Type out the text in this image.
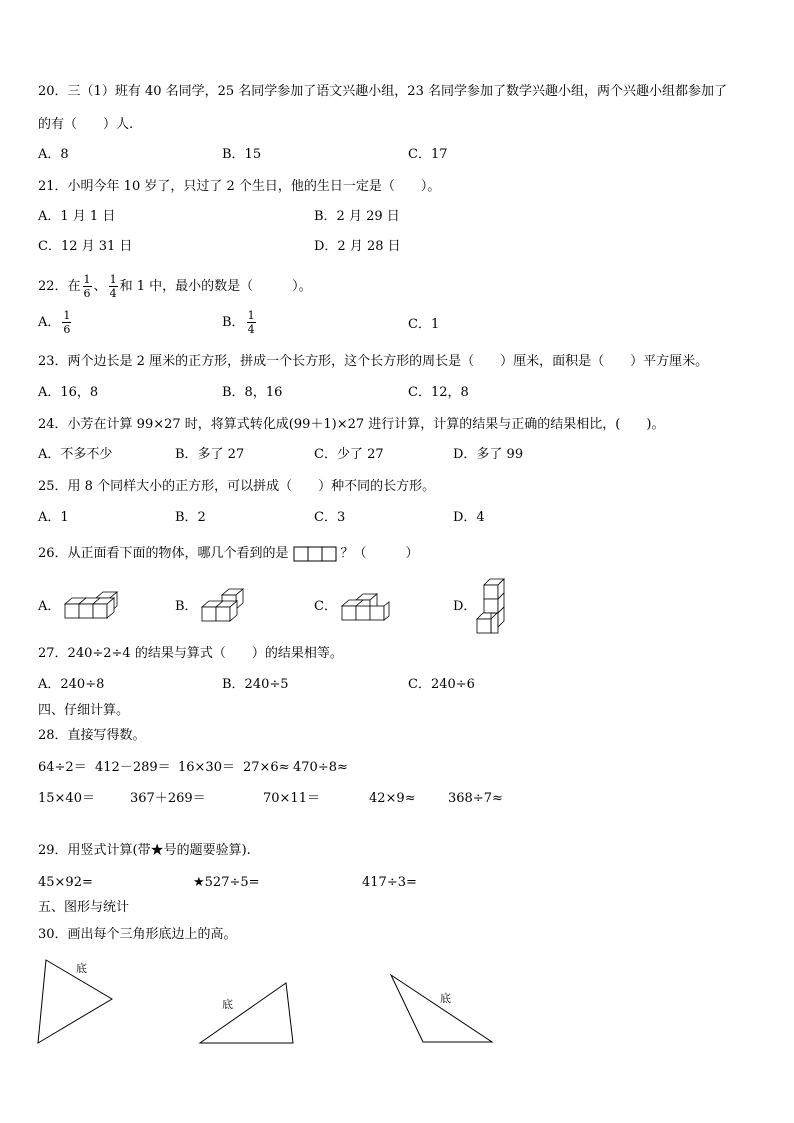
20．三（1）班有 40 名同学，25 名同学参加了语文兴趣小组，23 名同学参加了数学兴趣小组，两个兴趣小组都参加了
的有（　　）人.
A．8	B．15	C．17
21．小明今年 10 岁了，只过了 2 个生日，他的生日一定是（　　）。
A．1 月 1 日	B．2 月 29 日
C．12 月 31 日	D．2 月 28 日
22．在 $\frac{1}{6}$ 、 $\frac{1}{4}$ 和 1 中，最小的数是（　　　）。
A． $\frac{1}{6}$	B． $\frac{1}{4}$	C．1
23．两个边长是 2 厘米的正方形，拼成一个长方形，这个长方形的周长是（　　）厘米，面积是（　　）平方厘米。
A．16，8	B．8，16	C．12，8
24．小芳在计算 99×27 时，将算式转化成(99＋1)×27 进行计算，计算的结果与正确的结果相比，(　　)。
A．不多不少	B．多了 27	C．少了 27	D．多了 99
25．用 8 个同样大小的正方形，可以拼成（　　）种不同的长方形。
A．1	B．2	C．3	D．4
26．从正面看下面的物体，哪几个看到的是	？（　　　）
A．	B．	C．	D．
27．240÷2÷4 的结果与算式（　　）的结果相等。
A．240÷8	B．240÷5	C．240÷6
四、仔细计算。
28．直接写得数。
64÷2＝ 412－289＝ 16×30＝ 27×6≈ 470÷8≈
15×40＝	367＋269＝	70×11＝	42×9≈ 368÷7≈
29．用竖式计算(带★号的题要验算).
45×92=	★527÷5=	417÷3=
五、图形与统计
30．画出每个三角形底边上的高。
底
底	底
